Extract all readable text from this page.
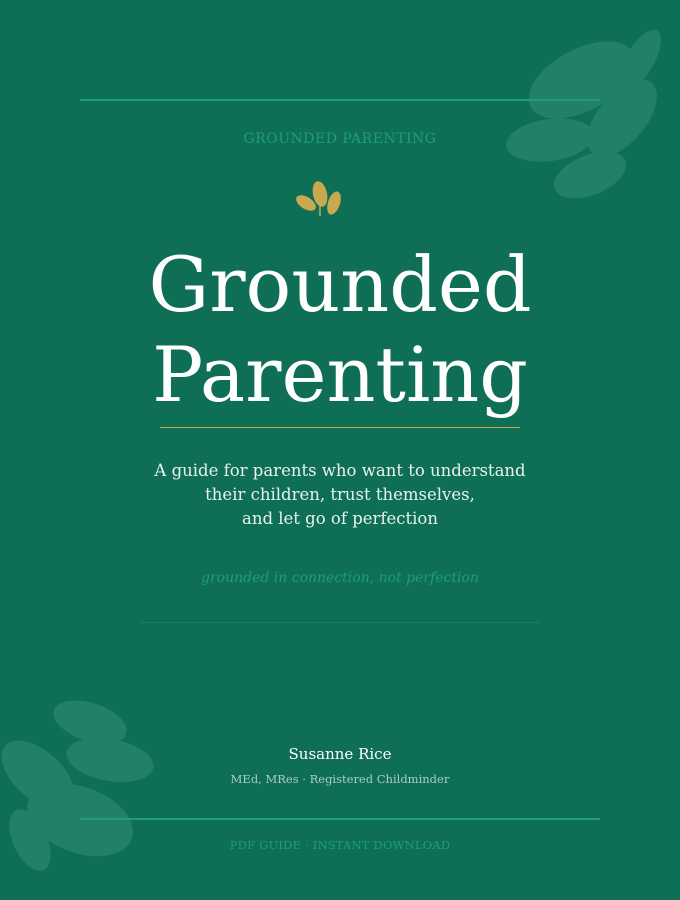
GROUNDED PARENTING
Grounded
Parenting
A guide for parents who want to understand
their children, trust themselves,
and let go of perfection
grounded in connection, not perfection
Susanne Rice
MEd, MRes · Registered Childminder
PDF GUIDE · INSTANT DOWNLOAD
